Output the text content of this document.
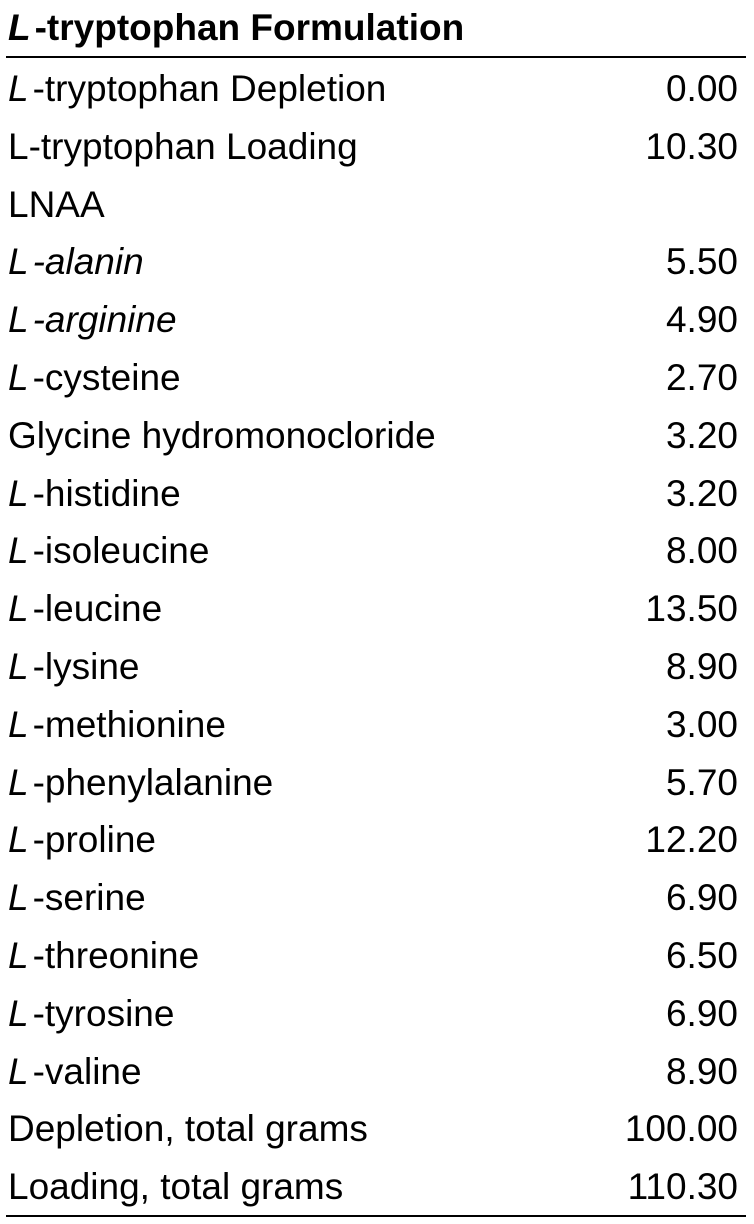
L -tryptophan Formulation
L -tryptophan Depletion	0.00
L-tryptophan Loading	10.30
LNAA
L -alanin	5.50
L -arginine	4.90
L -cysteine	2.70
Glycine hydromonocloride	3.20
L -histidine	3.20
L -isoleucine	8.00
L -leucine	13.50
L -lysine	8.90
L -methionine	3.00
L -phenylalanine	5.70
L -proline	12.20
L -serine	6.90
L -threonine	6.50
L -tyrosine	6.90
L -valine	8.90
Depletion, total grams	100.00
Loading, total grams	110.30
